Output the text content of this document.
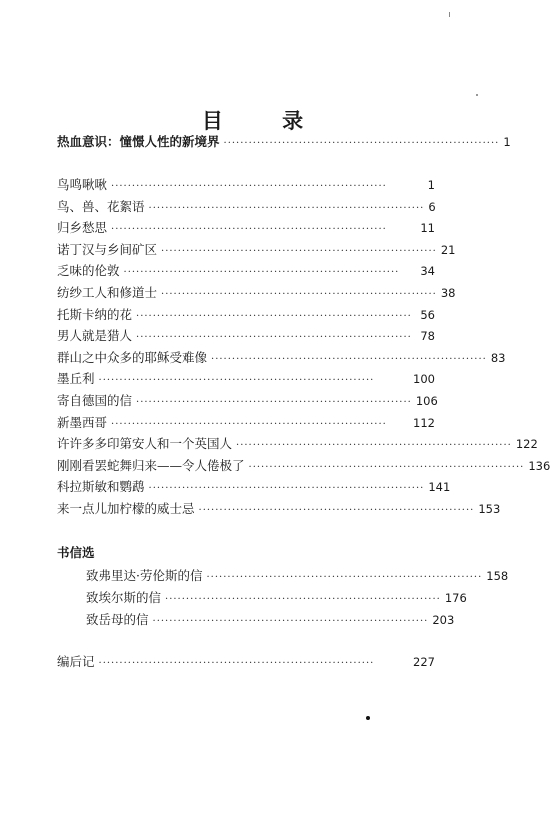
目 录
热血意识：憧憬人性的新境界 ·································································· 1
鸟鸣啾啾 ··································································	1
鸟、兽、花絮语 ·································································· 6
归乡愁思 ··································································	11
诺丁汉与乡间矿区 ·································································· 21
乏味的伦敦 ··································································	34
纺纱工人和修道士 ·································································· 38
托斯卡纳的花 ·································································· 56
男人就是猎人 ·································································· 78
群山之中众多的耶稣受难像 ·································································· 83
墨丘利 ··································································	100
寄自德国的信 ·································································· 106
新墨西哥 ··································································	112
许许多多印第安人和一个英国人 ·································································· 122
刚刚看罢蛇舞归来——令人倦极了 ·································································· 136
科拉斯敏和鹦鹉 ·································································· 141
来一点儿加柠檬的威士忌 ·································································· 153
书信选
致弗里达·劳伦斯的信 ·································································· 158
致埃尔斯的信 ·································································· 176
致岳母的信 ·································································· 203
编后记 ··································································	227
